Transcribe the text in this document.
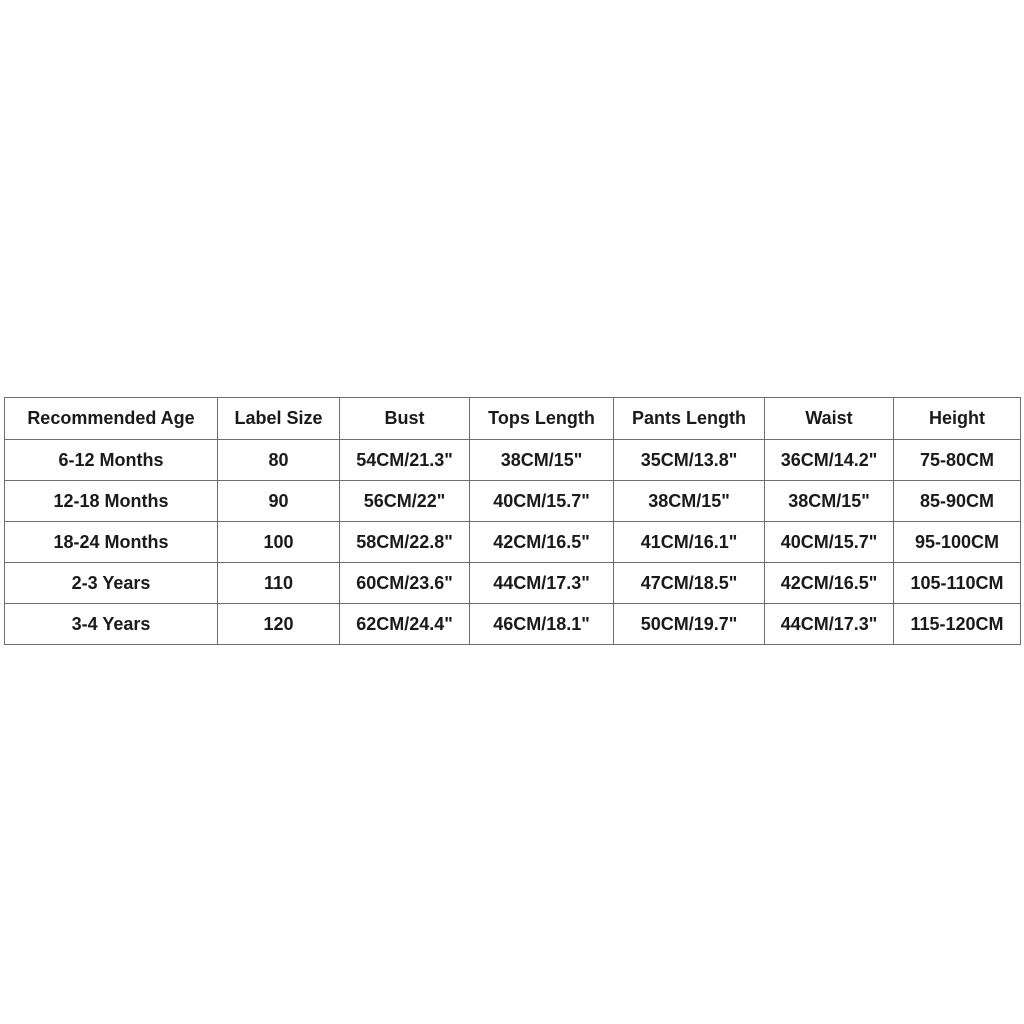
Recommended Age	Label Size	Bust	Tops Length	Pants Length	Waist	Height
6-12 Months	80	54CM/21.3"	38CM/15"	35CM/13.8"	36CM/14.2"	75-80CM
12-18 Months	90	56CM/22"	40CM/15.7"	38CM/15"	38CM/15"	85-90CM
18-24 Months	100	58CM/22.8"	42CM/16.5"	41CM/16.1"	40CM/15.7"	95-100CM
2-3 Years	110	60CM/23.6"	44CM/17.3"	47CM/18.5"	42CM/16.5"	105-110CM
3-4 Years	120	62CM/24.4"	46CM/18.1"	50CM/19.7"	44CM/17.3"	115-120CM
